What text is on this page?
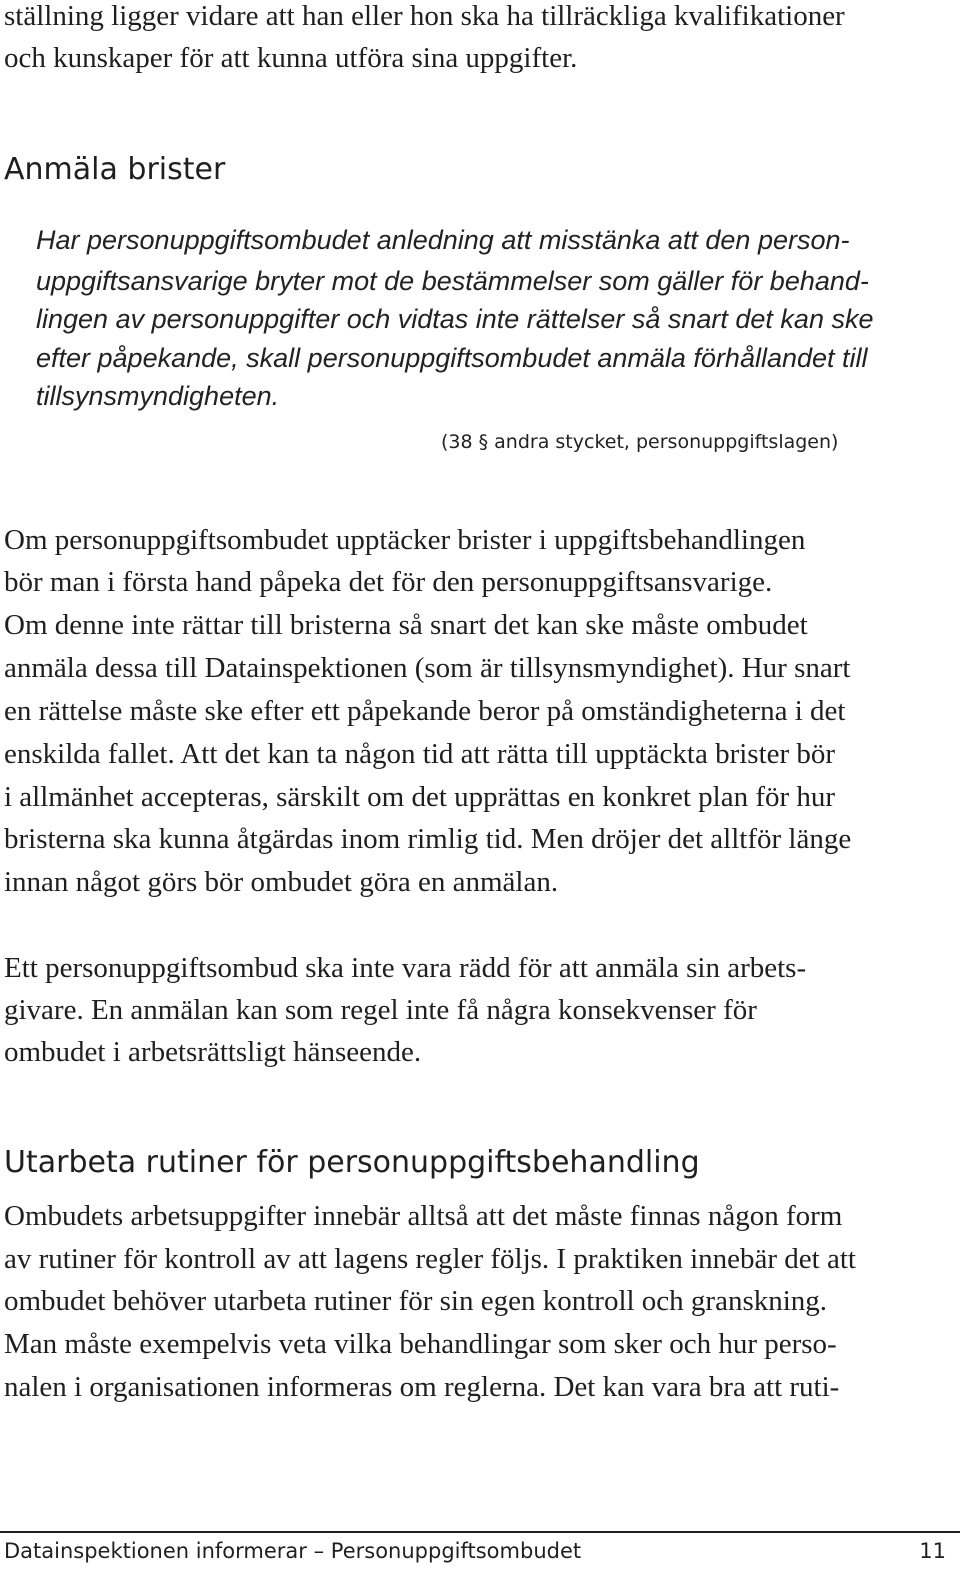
ställning ligger vidare att han eller hon ska ha tillräckliga kvalifikationer

och kunskaper för att kunna utföra sina uppgifter.

Anmäla brister

Har personuppgiftsombudet anledning att misstänka att den person-

uppgiftsansvarige bryter mot de bestämmelser som gäller för behand-

lingen av personuppgifter och vidtas inte rättelser så snart det kan ske

efter påpekande, skall personuppgiftsombudet anmäla förhållandet till

tillsynsmyndigheten.

(38 § andra stycket, personuppgiftslagen)

Om personuppgiftsombudet upptäcker brister i uppgiftsbehandlingen

bör man i första hand påpeka det för den personuppgiftsansvarige.

Om denne inte rättar till bristerna så snart det kan ske måste ombudet

anmäla dessa till Datainspektionen (som är tillsynsmyndighet). Hur snart

en rättelse måste ske efter ett påpekande beror på omständigheterna i det

enskilda fallet. Att det kan ta någon tid att rätta till upptäckta brister bör

i allmänhet accepteras, särskilt om det upprättas en konkret plan för hur

bristerna ska kunna åtgärdas inom rimlig tid. Men dröjer det alltför länge

innan något görs bör ombudet göra en anmälan.

Ett personuppgiftsombud ska inte vara rädd för att anmäla sin arbets-

givare. En anmälan kan som regel inte få några konsekvenser för

ombudet i arbetsrättsligt hänseende.

Utarbeta rutiner för personuppgiftsbehandling

Ombudets arbetsuppgifter innebär alltså att det måste finnas någon form

av rutiner för kontroll av att lagens regler följs. I praktiken innebär det att

ombudet behöver utarbeta rutiner för sin egen kontroll och granskning.

Man måste exempelvis veta vilka behandlingar som sker och hur perso-

nalen i organisationen informeras om reglerna. Det kan vara bra att ruti-

Datainspektionen informerar – Personuppgiftsombudet	11
